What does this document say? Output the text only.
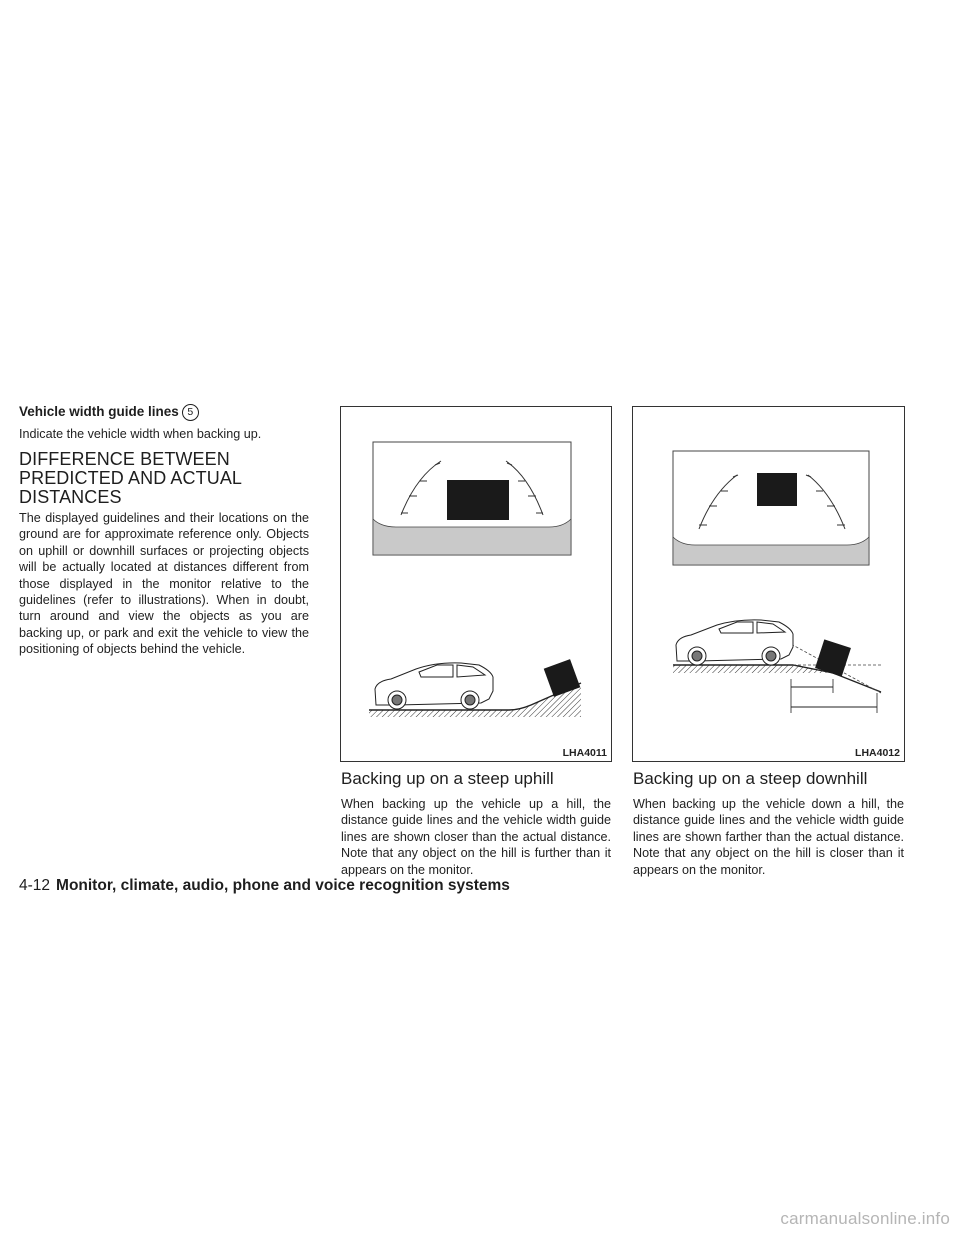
Vehicle width guide lines 5

Indicate the vehicle width when backing up.

DIFFERENCE BETWEEN PREDICTED AND ACTUAL DISTANCES

The displayed guidelines and their locations on the ground are for approximate reference only. Objects on uphill or downhill surfaces or projecting objects will be actually located at distances different from those displayed in the monitor relative to the guidelines (refer to illustrations). When in doubt, turn around and view the objects as you are backing up, or park and exit the vehicle to view the positioning of objects behind the vehicle.

LHA4011	LHA4012
Backing up on a steep uphill

When backing up the vehicle up a hill, the distance guide lines and the vehicle width guide lines are shown closer than the actual distance. Note that any object on the hill is further than it appears on the monitor.

Backing up on a steep downhill

When backing up the vehicle down a hill, the distance guide lines and the vehicle width guide lines are shown farther than the actual distance. Note that any object on the hill is closer than it appears on the monitor.

4-12 Monitor, climate, audio, phone and voice recognition systems
carmanualsonline.info
